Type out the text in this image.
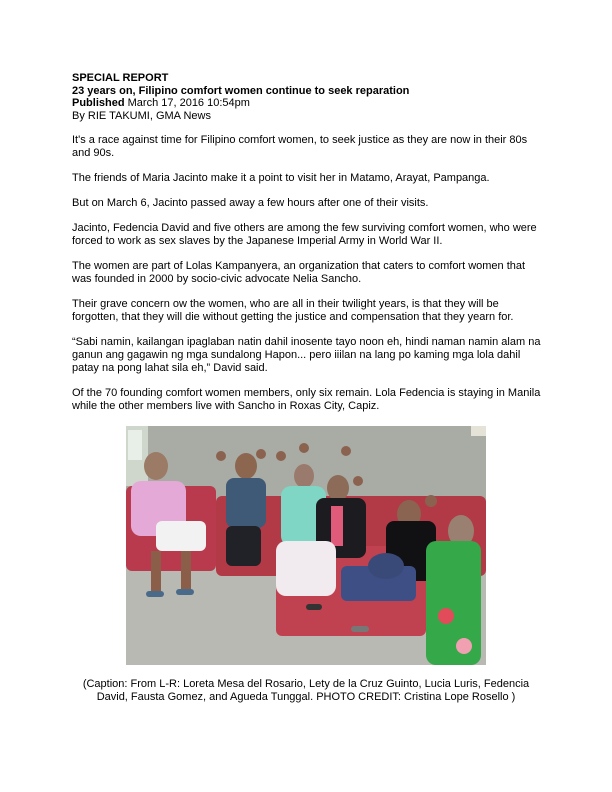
SPECIAL REPORT
23 years on, Filipino comfort women continue to seek reparation
Published March 17, 2016 10:54pm
By RIE TAKUMI, GMA News

It's a race against time for Filipino comfort women, to seek justice as they are now in their 80s and 90s.

The friends of Maria Jacinto make it a point to visit her in Matamo, Arayat, Pampanga.

But on March 6, Jacinto passed away a few hours after one of their visits.

Jacinto, Fedencia David and five others are among the few surviving comfort women, who were forced to work as sex slaves by the Japanese Imperial Army in World War II.

The women are part of Lolas Kampanyera, an organization that caters to comfort women that was founded in 2000 by socio-civic advocate Nelia Sancho.

Their grave concern ow the women, who are all in their twilight years, is that they will be forgotten, that they will die without getting the justice and compensation that they yearn for.

“Sabi namin, kailangan ipaglaban natin dahil inosente tayo noon eh, hindi naman namin alam na ganun ang gagawin ng mga sundalong Hapon... pero iiilan na lang po kaming mga lola dahil patay na pong lahat sila eh,” David said.

Of the 70 founding comfort women members, only six remain. Lola Fedencia is staying in Manila while the other members live with Sancho in Roxas City, Capiz.

(Caption: From L-R: Loreta Mesa del Rosario, Lety de la Cruz Guinto, Lucia Luris, Fedencia David, Fausta Gomez, and Agueda Tunggal. PHOTO CREDIT: Cristina Lope Rosello )
